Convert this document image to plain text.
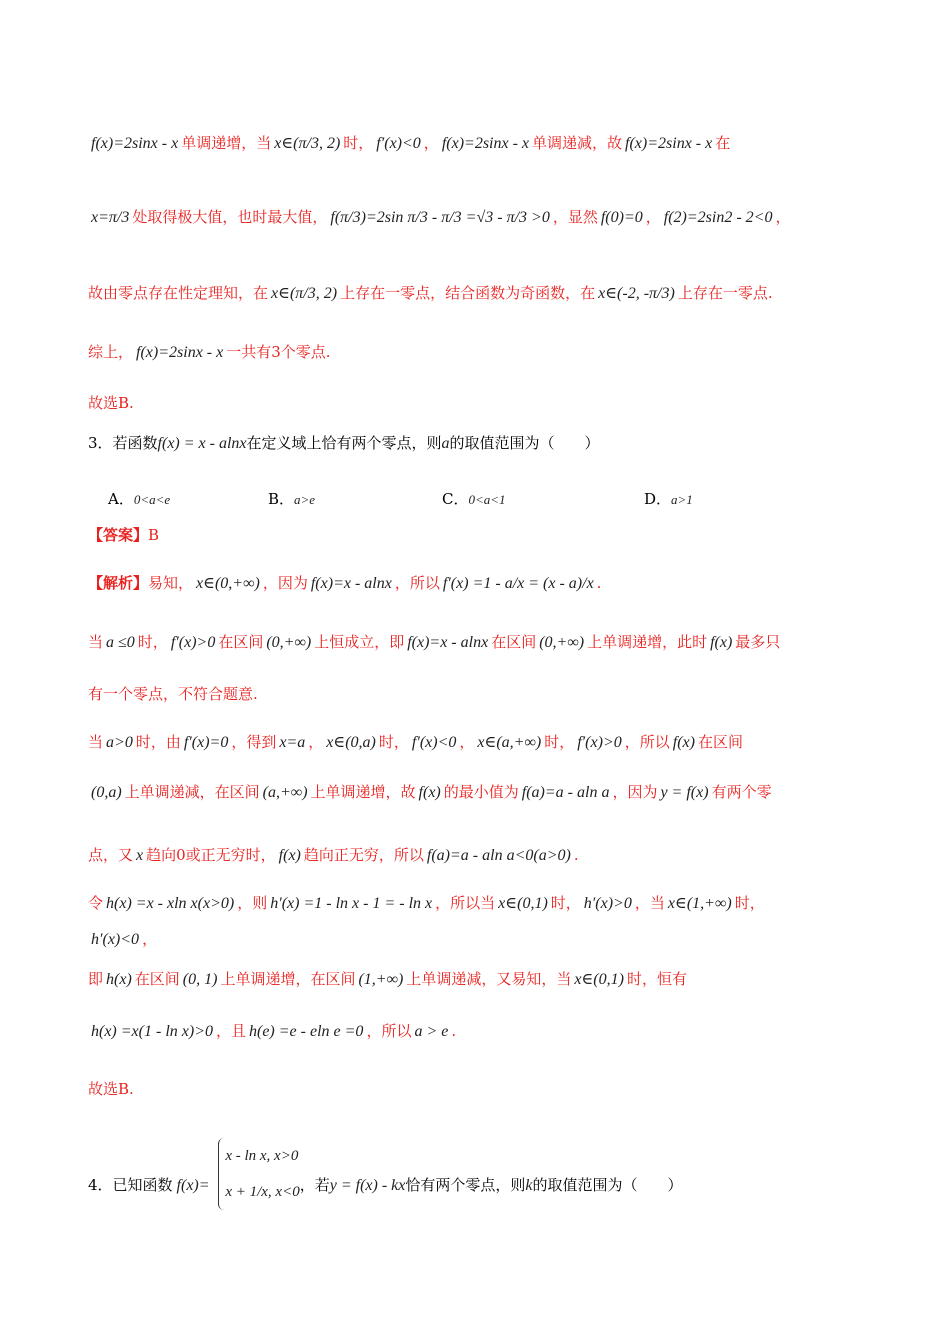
f(x)=2sinx - x 单调递增，当 x∈(π/3, 2) 时， f′(x)<0 ， f(x)=2sinx - x 单调递减，故 f(x)=2sinx - x 在
x=π/3 处取得极大值，也时最大值， f(π/3)=2sin π/3 - π/3 =√3 - π/3 >0 ，显然 f(0)=0 ， f(2)=2sin2 - 2<0 ，
故由零点存在性定理知，在 x∈(π/3, 2) 上存在一零点，结合函数为奇函数，在 x∈(-2, -π/3) 上存在一零点.
综上， f(x)=2sinx - x 一共有3个零点.
故选B.
3．若函数f(x) = x - alnx在定义域上恰有两个零点，则a的取值范围为（　　）
A．0<a<e	B．a>e	C．0<a<1	D．a>1
【答案】B
【解析】易知， x∈(0,+∞) ，因为 f(x)=x - alnx ，所以 f′(x) =1 - a/x = (x - a)/x .
当 a ≤0 时， f′(x)>0 在区间 (0,+∞) 上恒成立，即 f(x)=x - alnx 在区间 (0,+∞) 上单调递增，此时 f(x) 最多只
有一个零点，不符合题意.
当 a>0 时，由 f′(x)=0 ，得到 x=a ， x∈(0,a) 时， f′(x)<0 ， x∈(a,+∞) 时， f′(x)>0 ，所以 f(x) 在区间
(0,a) 上单调递减，在区间 (a,+∞) 上单调递增，故 f(x) 的最小值为 f(a)=a - aln a ，因为 y = f(x) 有两个零
点，又 x 趋向0或正无穷时， f(x) 趋向正无穷，所以 f(a)=a - aln a<0(a>0) .
令 h(x) =x - xln x(x>0) ，则 h′(x) =1 - ln x - 1 = - ln x ，所以当 x∈(0,1) 时， h′(x)>0 ，当 x∈(1,+∞) 时，
h′(x)<0 ，
即 h(x) 在区间 (0, 1) 上单调递增，在区间 (1,+∞) 上单调递减，又易知，当 x∈(0,1) 时，恒有
h(x) =x(1 - ln x)>0 ，且 h(e) =e - eln e =0 ，所以 a > e .
故选B.
4．已知函数 f(x)=
x - ln x, x>0
x + 1/x, x<0 ，若y = f(x) - kx恰有两个零点，则k的取值范围为（　　）
